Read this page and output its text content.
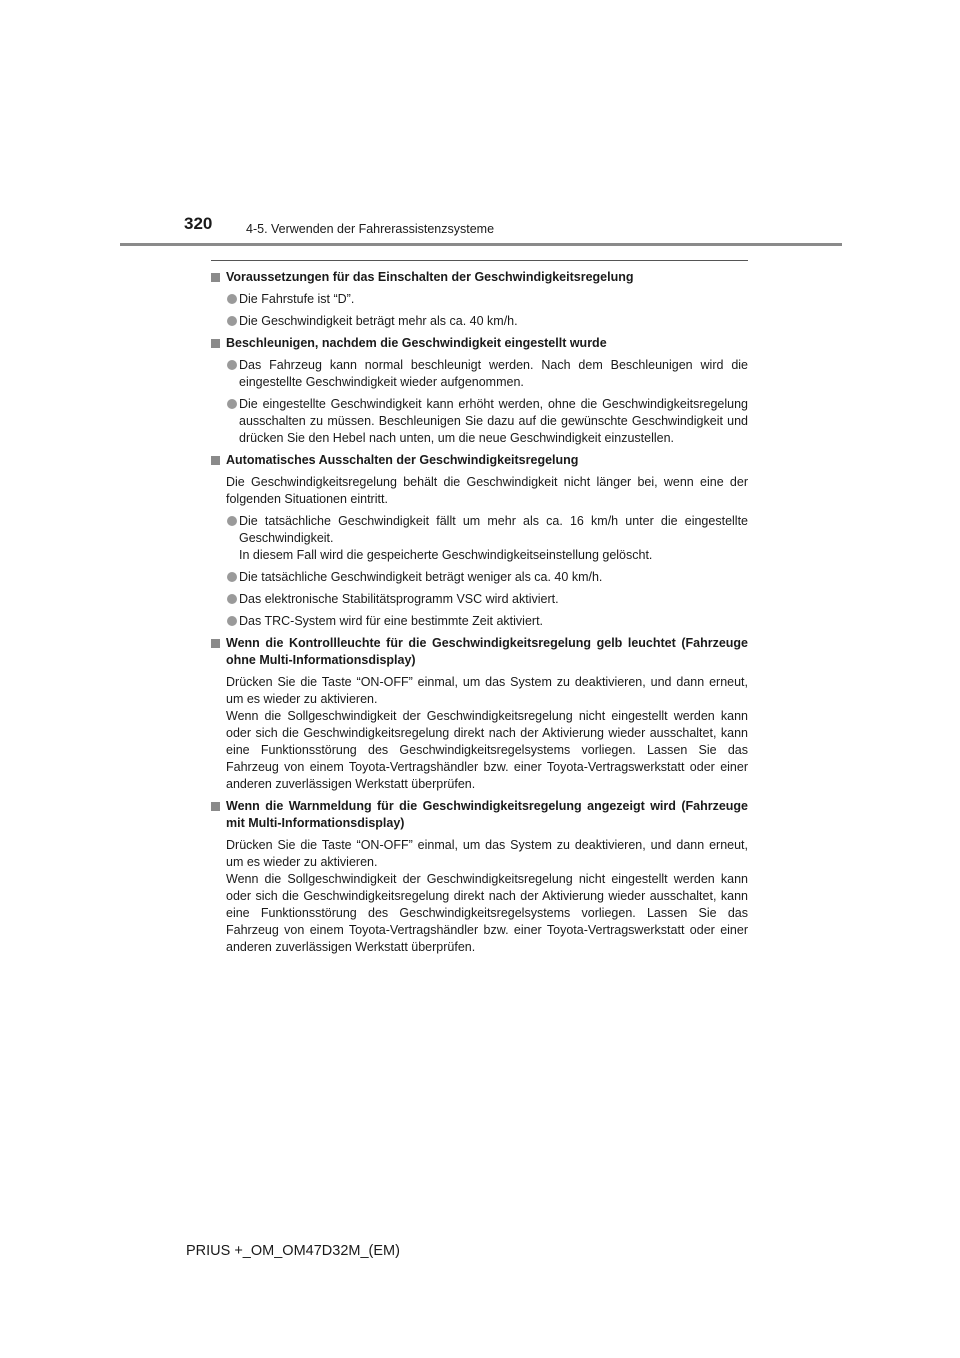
320	4-5. Verwenden der Fahrerassistenzsysteme
Voraussetzungen für das Einschalten der Geschwindigkeitsregelung
Die Fahrstufe ist “D”.
Die Geschwindigkeit beträgt mehr als ca. 40 km/h.
Beschleunigen, nachdem die Geschwindigkeit eingestellt wurde
Das Fahrzeug kann normal beschleunigt werden. Nach dem Beschleunigen wird die eingestellte Geschwindigkeit wieder aufgenommen.
Die eingestellte Geschwindigkeit kann erhöht werden, ohne die Geschwindigkeitsregelung ausschalten zu müssen. Beschleunigen Sie dazu auf die gewünschte Geschwindigkeit und drücken Sie den Hebel nach unten, um die neue Geschwindigkeit einzustellen.
Automatisches Ausschalten der Geschwindigkeitsregelung
Die Geschwindigkeitsregelung behält die Geschwindigkeit nicht länger bei, wenn eine der folgenden Situationen eintritt.
Die tatsächliche Geschwindigkeit fällt um mehr als ca. 16 km/h unter die eingestellte Geschwindigkeit.
In diesem Fall wird die gespeicherte Geschwindigkeitseinstellung gelöscht.
Die tatsächliche Geschwindigkeit beträgt weniger als ca. 40 km/h.
Das elektronische Stabilitätsprogramm VSC wird aktiviert.
Das TRC-System wird für eine bestimmte Zeit aktiviert.
Wenn die Kontrollleuchte für die Geschwindigkeitsregelung gelb leuchtet (Fahrzeuge ohne Multi-Informationsdisplay)
Drücken Sie die Taste “ON-OFF” einmal, um das System zu deaktivieren, und dann erneut, um es wieder zu aktivieren.
Wenn die Sollgeschwindigkeit der Geschwindigkeitsregelung nicht eingestellt werden kann oder sich die Geschwindigkeitsregelung direkt nach der Aktivierung wieder ausschaltet, kann eine Funktionsstörung des Geschwindigkeitsregelsystems vorliegen. Lassen Sie das Fahrzeug von einem Toyota-Vertragshändler bzw. einer Toyota-Vertragswerkstatt oder einer anderen zuverlässigen Werkstatt überprüfen.
Wenn die Warnmeldung für die Geschwindigkeitsregelung angezeigt wird (Fahrzeuge mit Multi-Informationsdisplay)
Drücken Sie die Taste “ON-OFF” einmal, um das System zu deaktivieren, und dann erneut, um es wieder zu aktivieren.
Wenn die Sollgeschwindigkeit der Geschwindigkeitsregelung nicht eingestellt werden kann oder sich die Geschwindigkeitsregelung direkt nach der Aktivierung wieder ausschaltet, kann eine Funktionsstörung des Geschwindigkeitsregelsystems vorliegen. Lassen Sie das Fahrzeug von einem Toyota-Vertragshändler bzw. einer Toyota-Vertragswerkstatt oder einer anderen zuverlässigen Werkstatt überprüfen.
PRIUS +_OM_OM47D32M_(EM)
